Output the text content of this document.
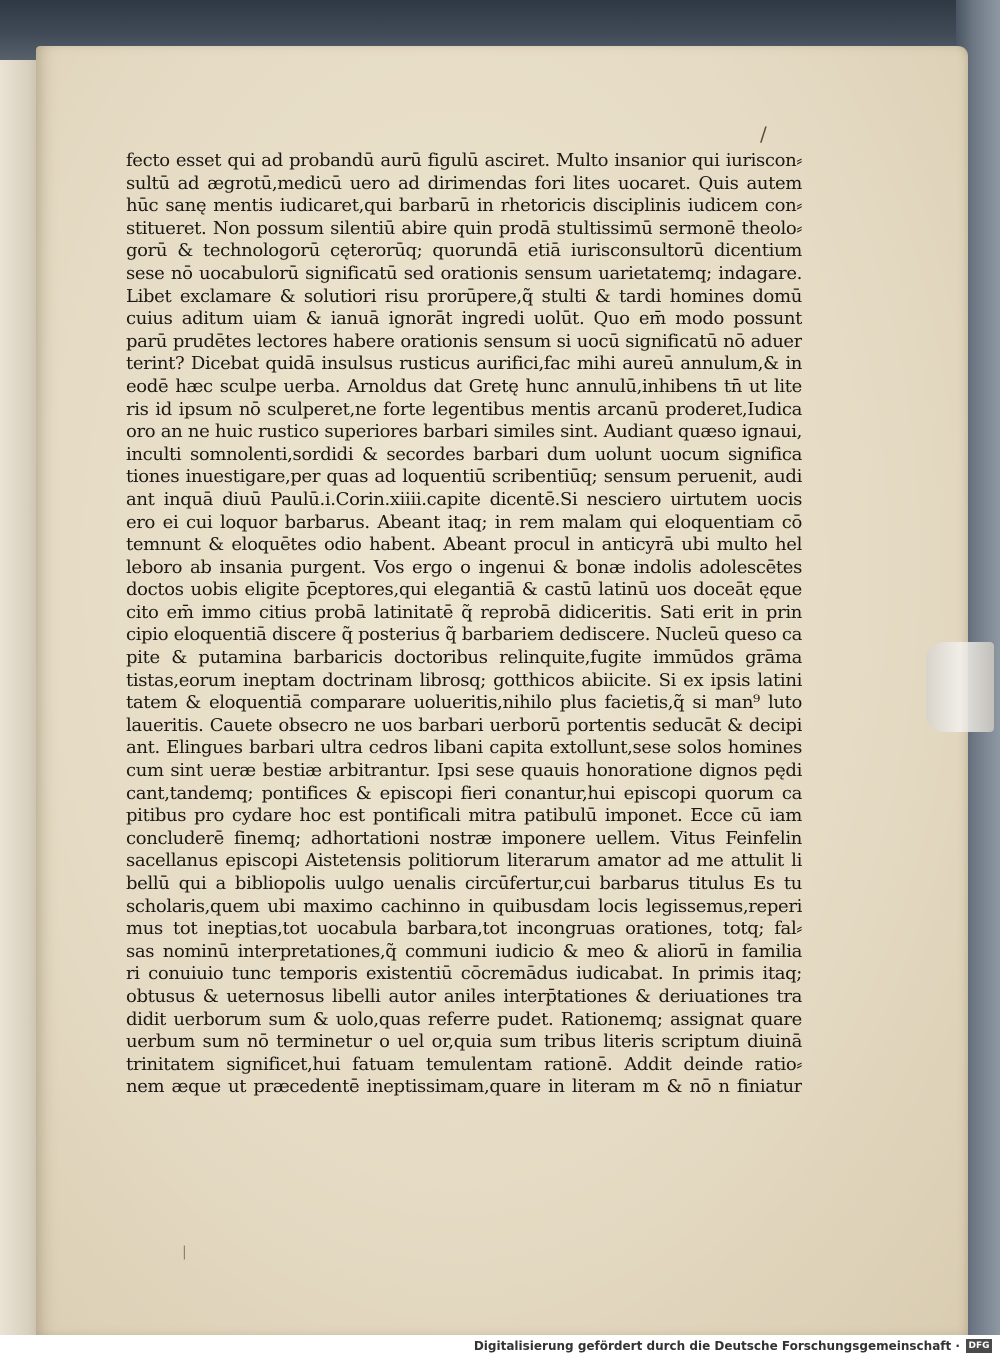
/
|
fecto esset qui ad probandū aurū figulū asciret. Multo insanior qui iuriscon⸗
sultū ad ægrotū,medicū uero ad dirimendas fori lites uocaret. Quis autem
hūc sanę mentis iudicaret,qui barbarū in rhetoricis disciplinis iudicem con⸗
stitueret. Non possum silentiū abire quin prodā stultissimū sermonē theolo⸗
gorū & technologorū cęterorūq; quorundā etiā iurisconsultorū dicentium
sese nō uocabulorū significatū sed orationis sensum uarietatemq; indagare.
Libet exclamare & solutiori risu prorūpere,q̃ stulti & tardi homines domū
cuius aditum uiam & ianuā ignorāt ingredi uolūt. Quo em̄ modo possunt
parū prudētes lectores habere orationis sensum si uocū significatū nō aduer
terint? Dicebat quidā insulsus rusticus aurifici,fac mihi aureū annulum,& in
eodē hæc sculpe uerba. Arnoldus dat Gretę hunc annulū,inhibens tn̄ ut lite
ris id ipsum nō sculperet,ne forte legentibus mentis arcanū proderet,Iudica
oro an ne huic rustico superiores barbari similes sint. Audiant quæso ignaui,
inculti somnolenti,sordidi & secordes barbari dum uolunt uocum significa
tiones inuestigare,per quas ad loquentiū scribentiūq; sensum peruenit, audi
ant inquā diuū Paulū.i.Corin.xiiii.capite dicentē.Si nesciero uirtutem uocis
ero ei cui loquor barbarus. Abeant itaq; in rem malam qui eloquentiam cō
temnunt & eloquētes odio habent. Abeant procul in anticyrā ubi multo hel
leboro ab insania purgent. Vos ergo o ingenui & bonæ indolis adolescētes
doctos uobis eligite p̄ceptores,qui elegantiā & castū latinū uos doceāt ęque
cito em̄ immo citius probā latinitatē q̃ reprobā didiceritis. Sati erit in prin
cipio eloquentiā discere q̃ posterius q̃ barbariem dediscere. Nucleū queso ca
pite & putamina barbaricis doctoribus relinquite,fugite immūdos grāma
tistas,eorum ineptam doctrinam librosq; gotthicos abiicite. Si ex ipsis latini
tatem & eloquentiā comparare uolueritis,nihilo plus facietis,q̃ si man⁹ luto
laueritis. Cauete obsecro ne uos barbari uerborū portentis seducāt & decipi
ant. Elingues barbari ultra cedros libani capita extollunt,sese solos homines
cum sint ueræ bestiæ arbitrantur. Ipsi sese quauis honoratione dignos pędi
cant,tandemq; pontifices & episcopi fieri conantur,hui episcopi quorum ca
pitibus pro cydare hoc est pontificali mitra patibulū imponet. Ecce cū iam
concluderē finemq; adhortationi nostræ imponere uellem. Vitus Feinfelin
sacellanus episcopi Aistetensis politiorum literarum amator ad me attulit li
bellū qui a bibliopolis uulgo uenalis circūfertur,cui barbarus titulus Es tu
scholaris,quem ubi maximo cachinno in quibusdam locis legissemus,reperi
mus tot ineptias,tot uocabula barbara,tot incongruas orationes, totq; fal⸗
sas nominū interpretationes,q̃ communi iudicio & meo & aliorū in familia
ri conuiuio tunc temporis existentiū cōcremādus iudicabat. In primis itaq;
obtusus & ueternosus libelli autor aniles interp̄tationes & deriuationes tra
didit uerborum sum & uolo,quas referre pudet. Rationemq; assignat quare
uerbum sum nō terminetur o uel or,quia sum tribus literis scriptum diuinā
trinitatem significet,hui fatuam temulentam rationē. Addit deinde ratio⸗
nem æque ut præcedentē ineptissimam,quare in literam m & nō n finiatur
Digitalisierung gefördert durch die Deutsche Forschungsgemeinschaft · DFG
